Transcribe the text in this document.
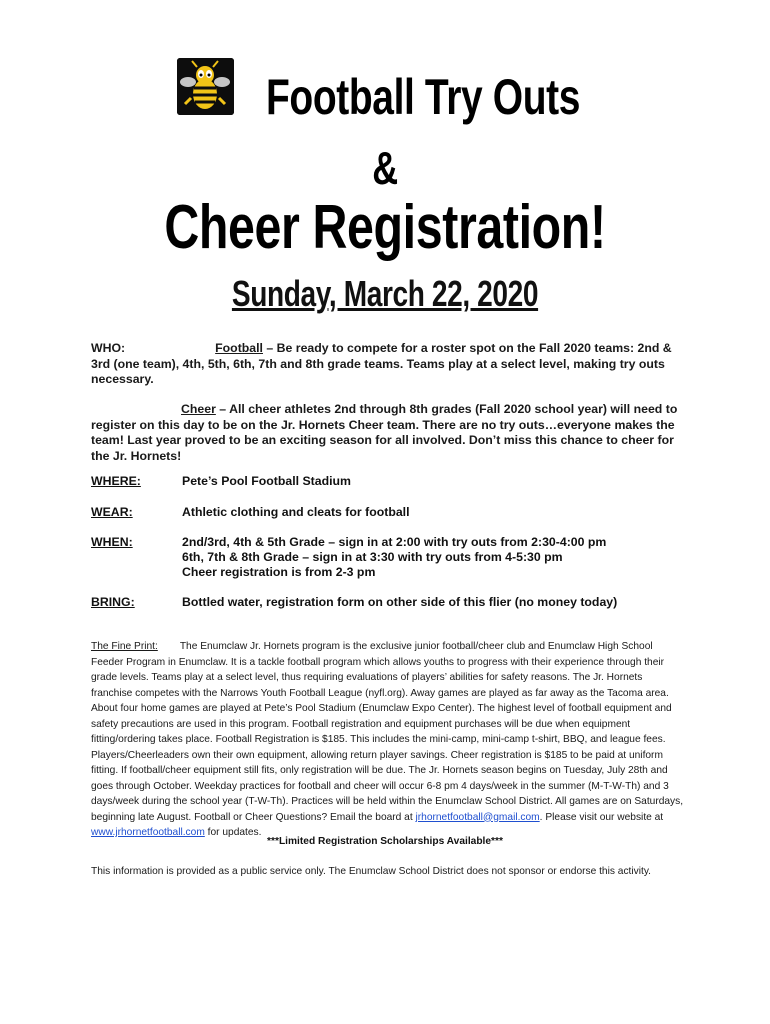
Football Try Outs
&
Cheer Registration!
Sunday, March 22, 2020
WHO:	Football – Be ready to compete for a roster spot on the Fall 2020 teams: 2nd & 3rd (one team), 4th, 5th, 6th, 7th and 8th grade teams. Teams play at a select level, making try outs necessary.
Cheer – All cheer athletes 2nd through 8th grades (Fall 2020 school year) will need to register on this day to be on the Jr. Hornets Cheer team. There are no try outs…everyone makes the team! Last year proved to be an exciting season for all involved. Don’t miss this chance to cheer for the Jr. Hornets!
WHERE:	Pete’s Pool Football Stadium
WEAR:	Athletic clothing and cleats for football
WHEN:	2nd/3rd, 4th & 5th Grade – sign in at 2:00 with try outs from 2:30-4:00 pm
6th, 7th & 8th Grade – sign in at 3:30 with try outs from 4-5:30 pm
Cheer registration is from 2-3 pm
BRING:	Bottled water, registration form on other side of this flier (no money today)
The Fine Print: The Enumclaw Jr. Hornets program is the exclusive junior football/cheer club and Enumclaw High School Feeder Program in Enumclaw. It is a tackle football program which allows youths to progress with their experience through their grade levels. Teams play at a select level, thus requiring evaluations of players’ abilities for safety reasons. The Jr. Hornets franchise competes with the Narrows Youth Football League (nyfl.org). Away games are played as far away as the Tacoma area. About four home games are played at Pete’s Pool Stadium (Enumclaw Expo Center). The highest level of football equipment and safety precautions are used in this program. Football registration and equipment purchases will be due when equipment fitting/ordering takes place. Football Registration is $185. This includes the mini-camp, mini-camp t-shirt, BBQ, and league fees. Players/Cheerleaders own their own equipment, allowing return player savings. Cheer registration is $185 to be paid at uniform fitting. If football/cheer equipment still fits, only registration will be due. The Jr. Hornets season begins on Tuesday, July 28th and goes through October. Weekday practices for football and cheer will occur 6-8 pm 4 days/week in the summer (M-T-W-Th) and 3 days/week during the school year (T-W-Th). Practices will be held within the Enumclaw School District. All games are on Saturdays, beginning late August. Football or Cheer Questions? Email the board at jrhornetfootball@gmail.com. Please visit our website at www.jrhornetfootball.com for updates.
***Limited Registration Scholarships Available***
This information is provided as a public service only. The Enumclaw School District does not sponsor or endorse this activity.
